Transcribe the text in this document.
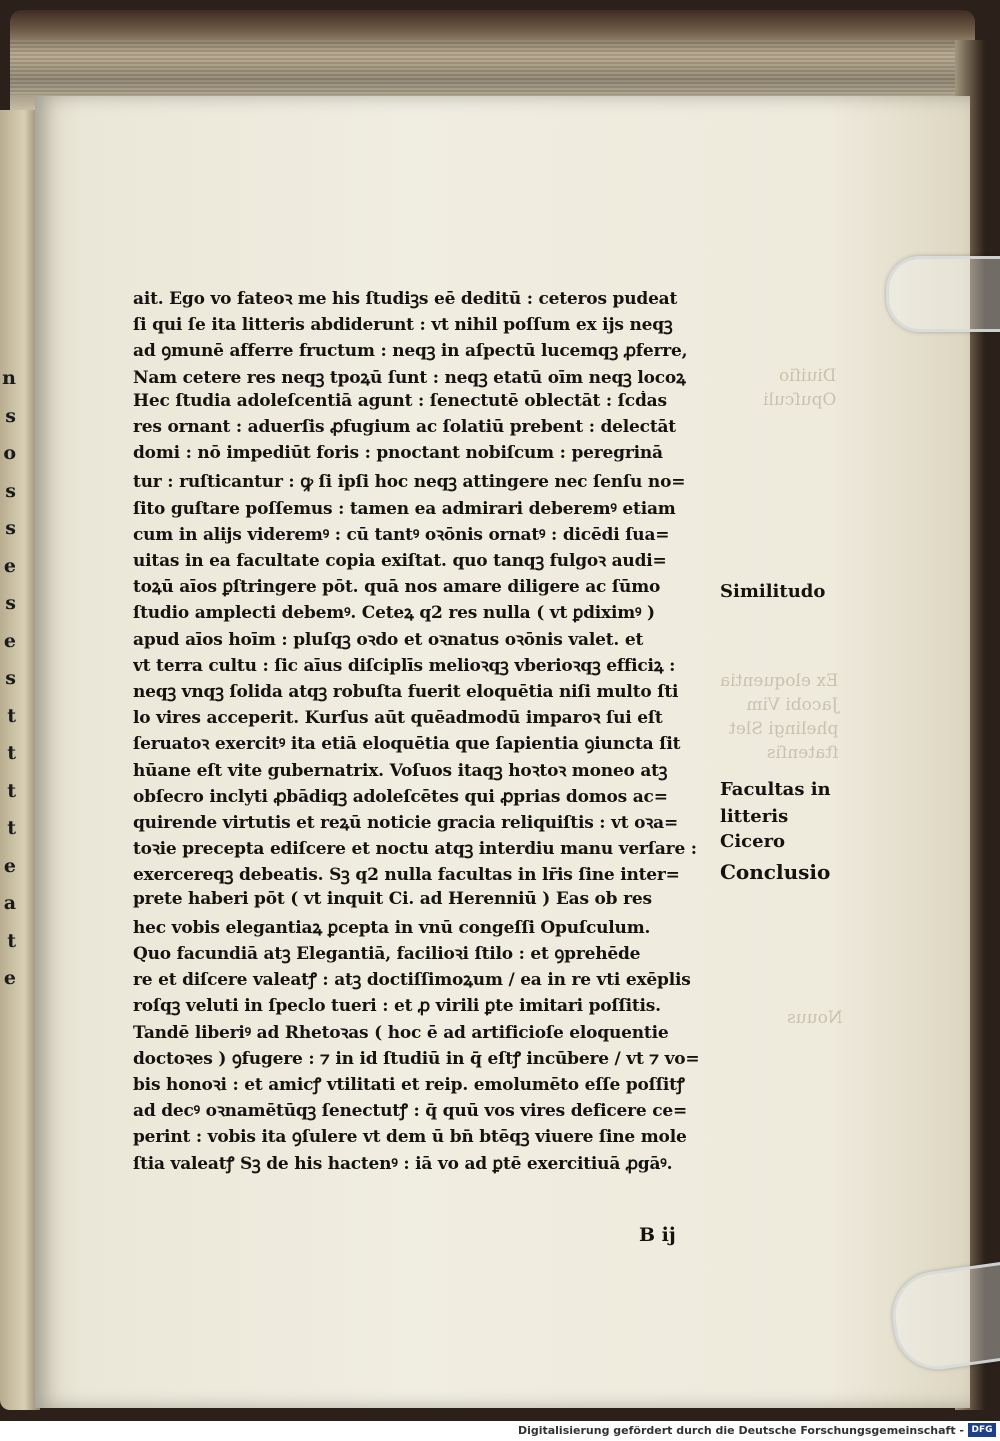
n
s
o
s
s
e
s
e
s
t
t
t
t
e
a
t
e
Diuiſio
Opuſculi
Ex eloquentia
Jacobi Vim
phelingi Slet
ſtatenſis
Nouus
ait. Ego vo fateoꝛ me his ſtudiꝫs eē deditū : ceteros pudeat
ſi qui ſe ita litteris abdiderunt : vt nihil poſſum ex ijs neqꝫ
ad ꝯmunē afferre fructum : neqꝫ in aſpectū lucemqꝫ ꝓferre,
Nam cetere res neqꝫ tpoꝝū ſunt : neqꝫ etatū oīm neqꝫ locoꝝ
Hec ſtudia adoleſcentiā agunt : ſenectutē oblectāt : ſcḋas
res ornant : aduerſis ꝓfugium ac ſolatiū prebent : delectāt
domi : nō impediūt foris : pnoctant nobiſcum : peregrinā
tur : ruſticantur : ꝙ ſi ipſi hoc neqꝫ attingere nec ſenſu no=
ſito guſtare poſſemus : tamen ea admirari deberemꝰ etiam
cum in alijs videremꝰ : cū tantꝰ oꝛōnis ornatꝰ : dicēdi ſua=
uitas in ea facultate copia exiſtat. quo tanqꝫ fulgoꝛ audi=
toꝝū aīos ꝑſtringere pōt. quā nos amare diligere ac ſūmo
ſtudio amplecti debemꝰ. Ceteꝝ q2 res nulla ( vt ꝑdiximꝰ )
apud aīos hoīm : pluſqꝫ oꝛdo et oꝛnatus oꝛōnis valet. et
vt terra cultu : ſic aīus diſciplīs melioꝛqꝫ vberioꝛqꝫ efficiꝝ :
neqꝫ vnqꝫ ſolida atqꝫ robuſta fuerit eloquētia niſi multo ſti
lo vires acceperit. Kurſus aūt quēadmodū imparoꝛ ſui eſt
ſeruatoꝛ exercitꝰ ita etiā eloquētia que ſapientia ꝯiuncta ſit
hūane eſt vite gubernatrix. Voſuos itaqꝫ hoꝛtoꝛ moneo atꝫ
obſecro inclyti ꝓbādiqꝫ adoleſcētes qui ꝓprias domos ac=
quirende virtutis et reꝝū noticie gracia reliquiſtis : vt oꝛa=
toꝛie precepta ediſcere et noctu atqꝫ interdiu manu verſare :
exercereqꝫ debeatis. Sꝫ q2 nulla facultas in lr̄is ſine inter=
prete haberi pōt ( vt inquit Ci. ad Herenniū ) Eas ob res
hec vobis elegantiaꝝ ꝑcepta in vnū congeſſi Opuſculum.
Quo facundiā atꝫ Elegantiā, facilioꝛi ſtilo : et ꝯprehēde
re et diſcere valeatꝭ : atꝫ doctiſſimoꝝum / ea in re vti exēplis
roſqꝫ veluti in ſpeclo tueri : et ꝓ virili ꝑte imitari poſſitis.
Tandē liberiꝰ ad Rhetoꝛas ( hoc ē ad artificioſe eloquentie
doctoꝛes ) ꝯfugere : ⁊ in id ſtudiū in q̄ eſtꝭ incūbere / vt ⁊ vo=
bis honoꝛi : et amicꝭ vtilitati et reip. emolumēto eſſe poſſitꝭ
ad decꝰ oꝛnamētūqꝫ ſenectutꝭ : q̄ quū vos vires deficere ce=
perint : vobis ita ꝯſulere vt dem ū bn̄ btēqꝫ viuere ſine mole
ſtia valeatꝭ Sꝫ de his hactenꝰ : iā vo ad ꝑtē exercitiuā ꝓgāꝰ.
B ij
Similitudo
Facultas in
litteris
Cicero
Conclusio
Digitalisierung gefördert durch die Deutsche Forschungsgemeinschaft - DFG
